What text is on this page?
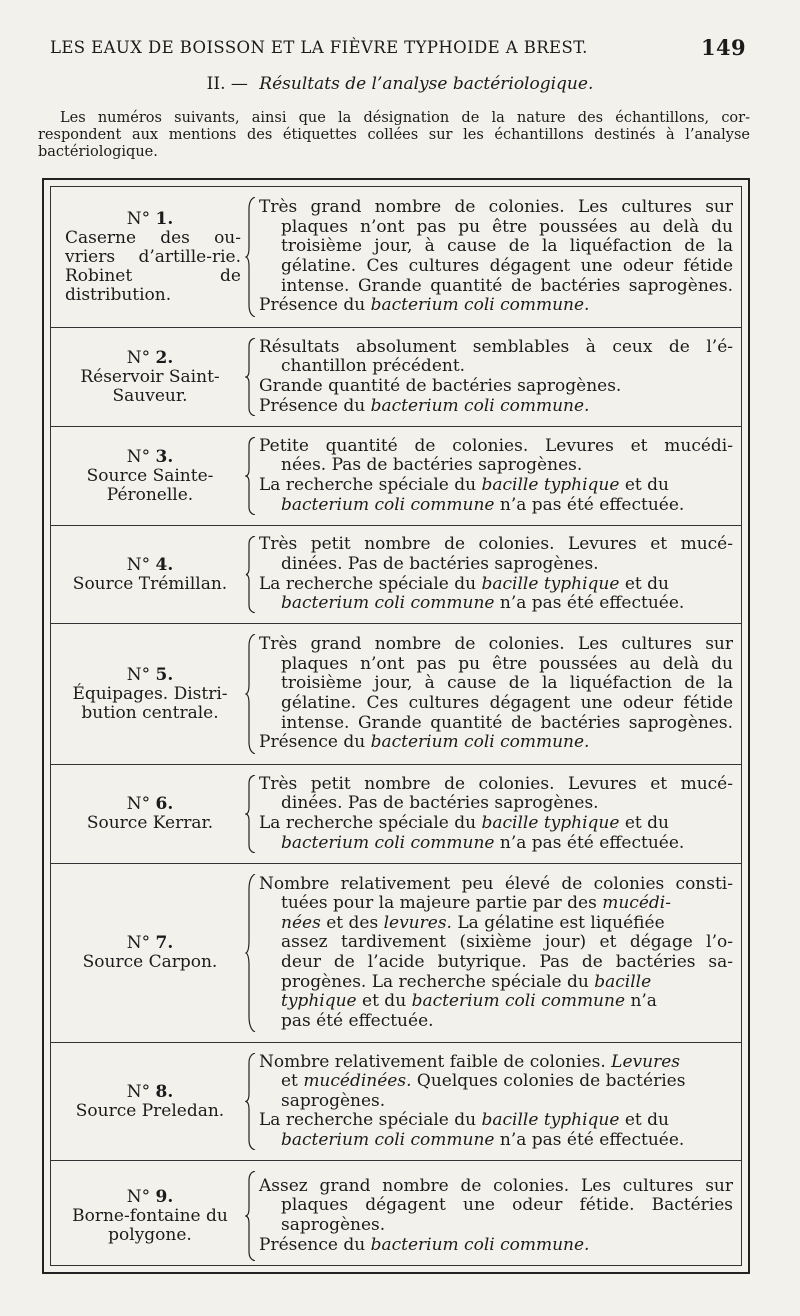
LES EAUX DE BOISSON ET LA FIÈVRE TYPHOIDE A BREST.	149
II. — Résultats de l’analyse bactériologique.
Les numéros suivants, ainsi que la désignation de la nature des échantillons, cor-
respondent aux mentions des étiquettes collées sur les échantillons destinés à l’analyse
bactériologique.
N° 1.
Caserne des ou-vriers d’artille-rie. Robinet de distribution.
Très grand nombre de colonies. Les cultures sur
plaques n’ont pas pu être poussées au delà du
troisième jour, à cause de la liquéfaction de la
gélatine. Ces cultures dégagent une odeur fétide
intense. Grande quantité de bactéries saprogènes.
Présence du bacterium coli commune.
N° 2.
Réservoir Saint-Sauveur.
Résultats absolument semblables à ceux de l’é-
chantillon précédent.
Grande quantité de bactéries saprogènes.
Présence du bacterium coli commune.
N° 3.
Source Sainte-Péronelle.
Petite quantité de colonies. Levures et mucédi-
nées. Pas de bactéries saprogènes.
La recherche spéciale du bacille typhique et du
bacterium coli commune n’a pas été effectuée.
N° 4.
Source Trémillan.
Très petit nombre de colonies. Levures et mucé-
dinées. Pas de bactéries saprogènes.
La recherche spéciale du bacille typhique et du
bacterium coli commune n’a pas été effectuée.
N° 5.
Équipages. Distri-bution centrale.
Très grand nombre de colonies. Les cultures sur
plaques n’ont pas pu être poussées au delà du
troisième jour, à cause de la liquéfaction de la
gélatine. Ces cultures dégagent une odeur fétide
intense. Grande quantité de bactéries saprogènes.
Présence du bacterium coli commune.
N° 6.
Source Kerrar.
Très petit nombre de colonies. Levures et mucé-
dinées. Pas de bactéries saprogènes.
La recherche spéciale du bacille typhique et du
bacterium coli commune n’a pas été effectuée.
N° 7.
Source Carpon.
Nombre relativement peu élevé de colonies consti-
tuées pour la majeure partie par des mucédi-
nées et des levures. La gélatine est liquéfiée
assez tardivement (sixième jour) et dégage l’o-
deur de l’acide butyrique. Pas de bactéries sa-
progènes. La recherche spéciale du bacille
typhique et du bacterium coli commune n’a
pas été effectuée.
N° 8.
Source Preledan.
Nombre relativement faible de colonies. Levures
et mucédinées. Quelques colonies de bactéries
saprogènes.
La recherche spéciale du bacille typhique et du
bacterium coli commune n’a pas été effectuée.
N° 9.
Borne-fontaine du polygone.
Assez grand nombre de colonies. Les cultures sur
plaques dégagent une odeur fétide. Bactéries
saprogènes.
Présence du bacterium coli commune.
